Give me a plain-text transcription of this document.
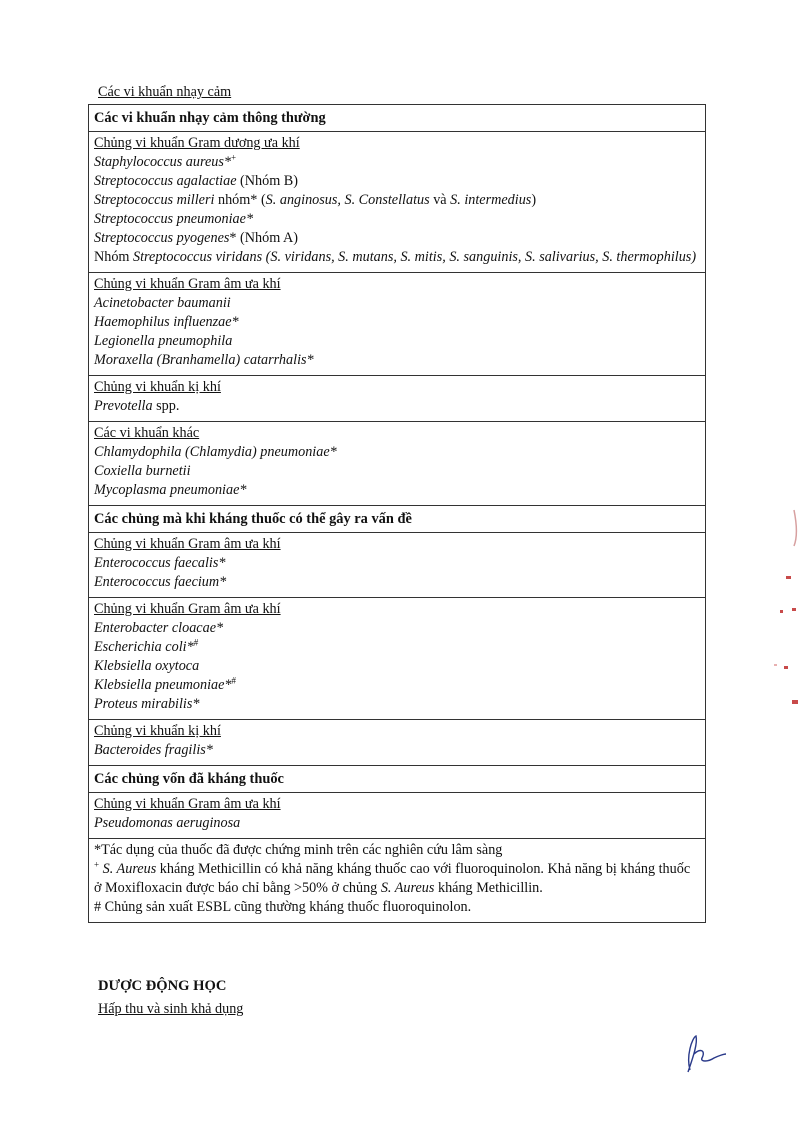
Các vi khuẩn nhạy cảm
Các vi khuẩn nhạy cảm thông thường

Chủng vi khuẩn Gram dương ưa khí
Staphylococcus aureus*+
Streptococcus agalactiae (Nhóm B)
Streptococcus milleri nhóm* (S. anginosus, S. Constellatus và S. intermedius)
Streptococcus pneumoniae*
Streptococcus pyogenes* (Nhóm A)
Nhóm Streptococcus viridans (S. viridans, S. mutans, S. mitis, S. sanguinis, S. salivarius, S. thermophilus)

Chủng vi khuẩn Gram âm ưa khí
Acinetobacter baumanii
Haemophilus influenzae*
Legionella pneumophila
Moraxella (Branhamella) catarrhalis*

Chủng vi khuẩn kị khí
Prevotella spp.

Các vi khuẩn khác
Chlamydophila (Chlamydia) pneumoniae*
Coxiella burnetii
Mycoplasma pneumoniae*

Các chủng mà khi kháng thuốc có thể gây ra vấn đề

Chủng vi khuẩn Gram âm ưa khí
Enterococcus faecalis*
Enterococcus faecium*

Chủng vi khuẩn Gram âm ưa khí
Enterobacter cloacae*
Escherichia coli*#
Klebsiella oxytoca
Klebsiella pneumoniae*#
Proteus mirabilis*

Chủng vi khuẩn kị khí
Bacteroides fragilis*

Các chủng vốn đã kháng thuốc

Chủng vi khuẩn Gram âm ưa khí
Pseudomonas aeruginosa

*Tác dụng của thuốc đã được chứng minh trên các nghiên cứu lâm sàng
+ S. Aureus kháng Methicillin có khả năng kháng thuốc cao với fluoroquinolon. Khả năng bị kháng thuốc ở Moxifloxacin được báo chỉ bằng >50% ở chủng S. Aureus kháng Methicillin.
# Chủng sản xuất ESBL cũng thường kháng thuốc fluoroquinolon.
DƯỢC ĐỘNG HỌC
Hấp thu và sinh khả dụng
